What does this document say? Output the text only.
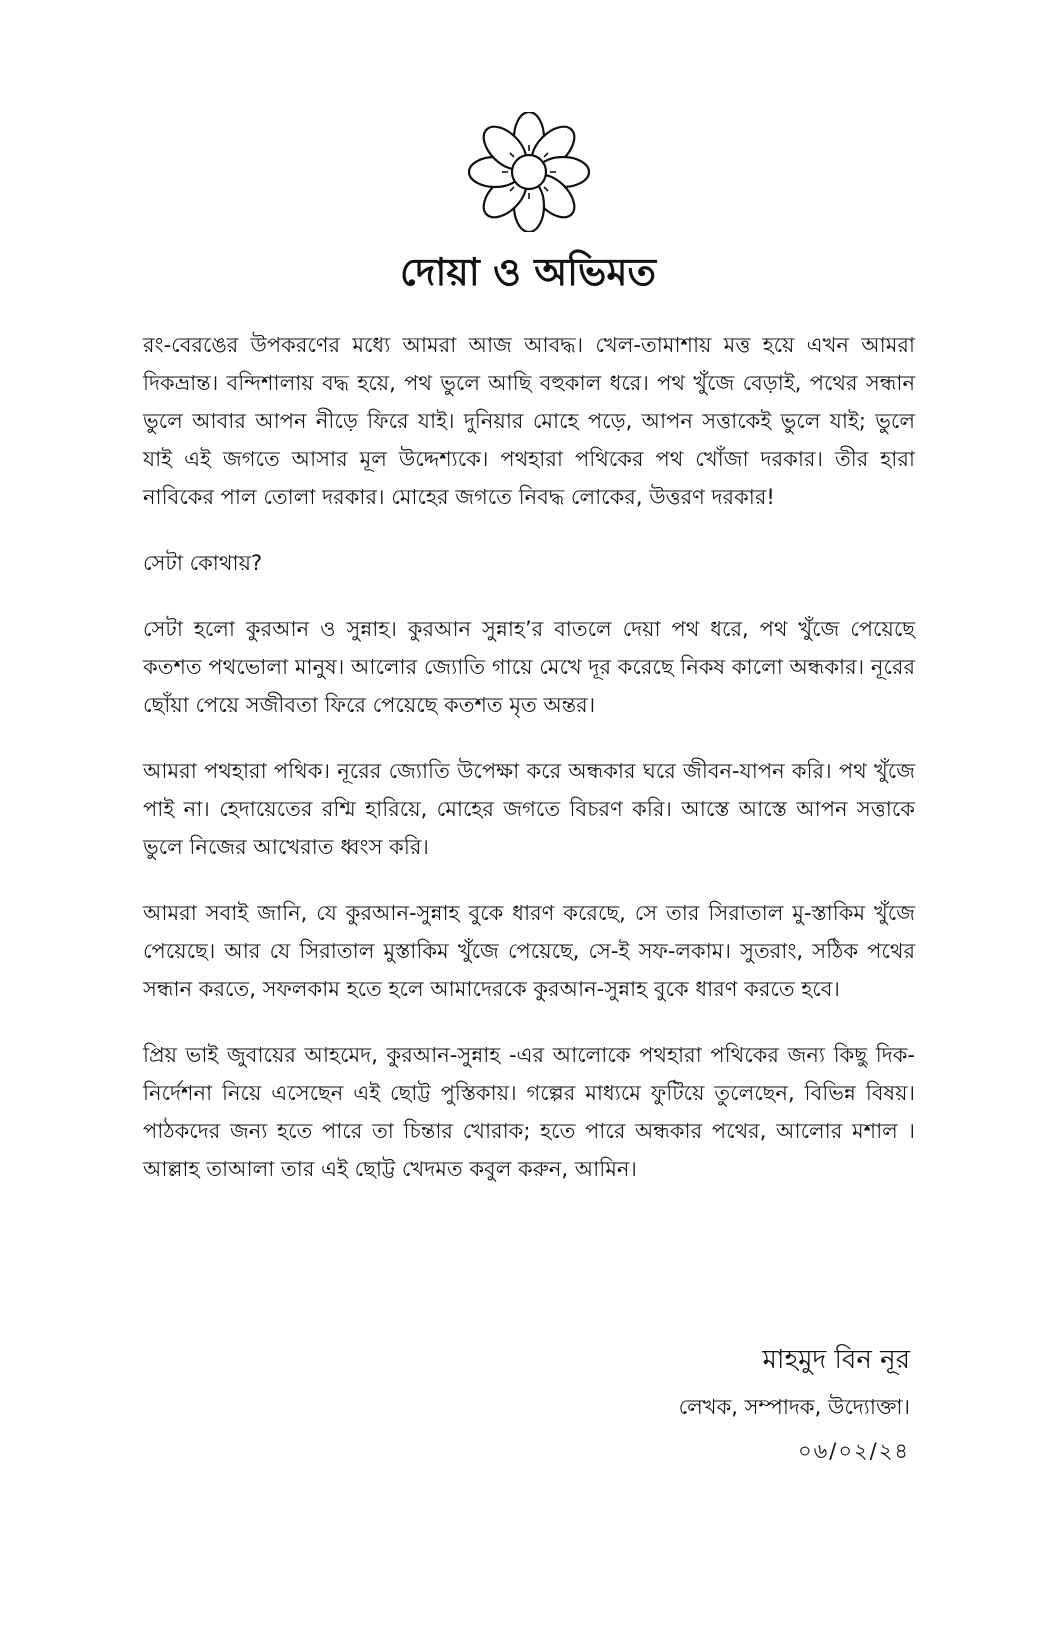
দোয়া ও অভিমত

রং-বেরঙের উপকরণের মধ্যে আমরা আজ আবদ্ধ। খেল-তামাশায় মত্ত হয়ে এখন আমরা দিকভ্রান্ত। বন্দিশালায় বদ্ধ হয়ে, পথ ভুলে আছি বহুকাল ধরে। পথ খুঁজে বেড়াই, পথের সন্ধান ভুলে আবার আপন নীড়ে ফিরে যাই। দুনিয়ার মোহে পড়ে, আপন সত্তাকেই ভুলে যাই; ভুলে যাই এই জগতে আসার মূল উদ্দেশ্যকে। পথহারা পথিকের পথ খোঁজা দরকার। তীর হারা নাবিকের পাল তোলা দরকার। মোহের জগতে নিবদ্ধ লোকের, উত্তরণ দরকার!

সেটা কোথায়?

সেটা হলো কুরআন ও সুন্নাহ। কুরআন সুন্নাহ’র বাতলে দেয়া পথ ধরে, পথ খুঁজে পেয়েছে কতশত পথভোলা মানুষ। আলোর জ্যোতি গায়ে মেখে দূর করেছে নিকষ কালো অন্ধকার। নূরের ছোঁয়া পেয়ে সজীবতা ফিরে পেয়েছে কতশত মৃত অন্তর।

আমরা পথহারা পথিক। নূরের জ্যোতি উপেক্ষা করে অন্ধকার ঘরে জীবন-যাপন করি। পথ খুঁজে পাই না। হেদায়েতের রশ্মি হারিয়ে, মোহের জগতে বিচরণ করি। আস্তে আস্তে আপন সত্তাকে ভুলে নিজের আখেরাত ধ্বংস করি।

আমরা সবাই জানি, যে কুরআন-সুন্নাহ বুকে ধারণ করেছে, সে তার সিরাতাল মু-স্তাকিম খুঁজে পেয়েছে। আর যে সিরাতাল মুস্তাকিম খুঁজে পেয়েছে, সে-ই সফ-লকাম। সুতরাং, সঠিক পথের সন্ধান করতে, সফলকাম হতে হলে আমাদেরকে কুরআন-সুন্নাহ বুকে ধারণ করতে হবে।

প্রিয় ভাই জুবায়ের আহমেদ, কুরআন-সুন্নাহ -এর আলোকে পথহারা পথিকের জন্য কিছু দিক-নির্দেশনা নিয়ে এসেছেন এই ছোট্ট পুস্তিকায়। গল্পের মাধ্যমে ফুটিয়ে তুলেছেন, বিভিন্ন বিষয়। পাঠকদের জন্য হতে পারে তা চিন্তার খোরাক; হতে পারে অন্ধকার পথের, আলোর মশাল । আল্লাহ তাআলা তার এই ছোট্ট খেদমত কবুল করুন, আমিন।

মাহমুদ বিন নূর

লেখক, সম্পাদক, উদ্যোক্তা।

০৬/০২/২৪
